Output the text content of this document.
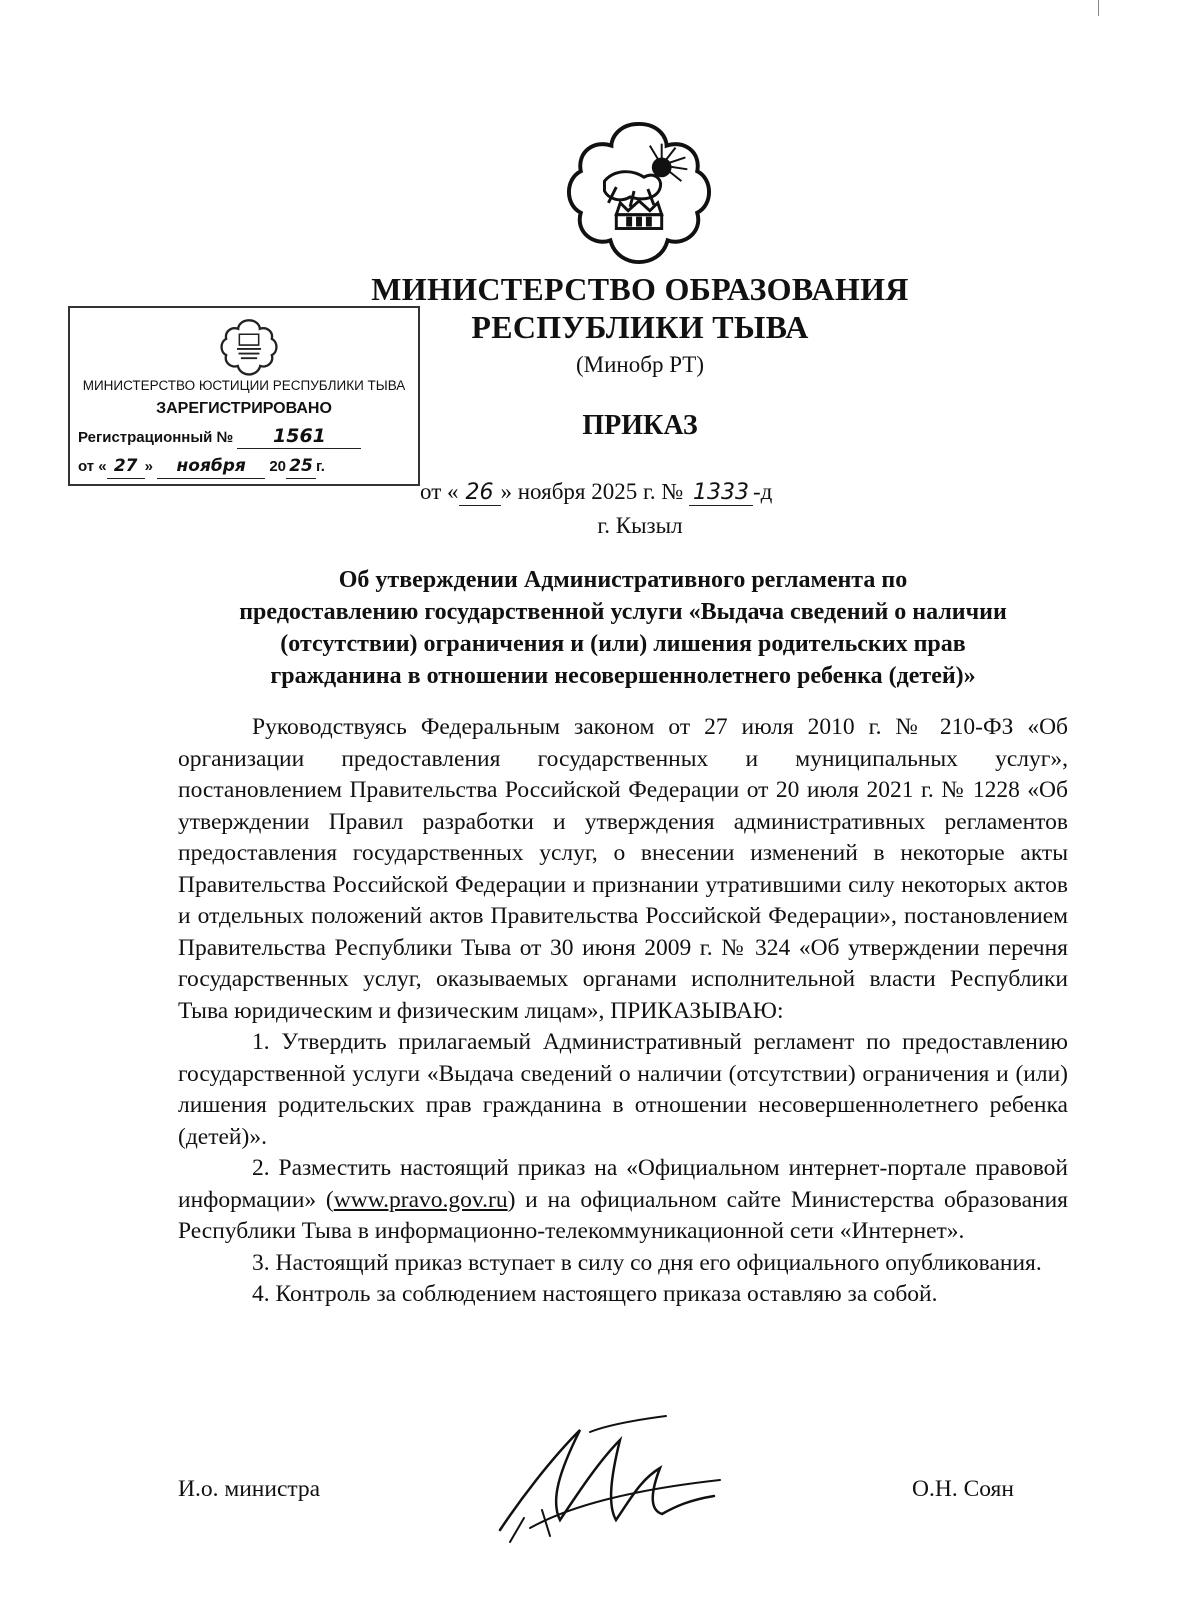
МИНИСТЕРСТВО ОБРАЗОВАНИЯ
РЕСПУБЛИКИ ТЫВА
(Минобр РТ)
ПРИКАЗ
от « 26 » ноября 2025 г. № 1333 -д
г. Кызыл
МИНИСТЕРСТВО ЮСТИЦИИ РЕСПУБЛИКИ ТЫВА
ЗАРЕГИСТРИРОВАНО
Регистрационный № 1561
от « 27 » ноября 20 25 г.
Об утверждении Административного регламента по
предоставлению государственной услуги «Выдача сведений о наличии
(отсутствии) ограничения и (или) лишения родительских прав
гражданина в отношении несовершеннолетнего ребенка (детей)»

Руководствуясь Федеральным законом от 27 июля 2010 г. № 210-ФЗ «Об организации предоставления государственных и муниципальных услуг», постановлением Правительства Российской Федерации от 20 июля 2021 г. № 1228 «Об утверждении Правил разработки и утверждения административных регламентов предоставления государственных услуг, о внесении изменений в некоторые акты Правительства Российской Федерации и признании утратившими силу некоторых актов и отдельных положений актов Правительства Российской Федерации», постановлением Правительства Республики Тыва от 30 июня 2009 г. № 324 «Об утверждении перечня государственных услуг, оказываемых органами исполнительной власти Республики Тыва юридическим и физическим лицам», ПРИКАЗЫВАЮ:

1. Утвердить прилагаемый Административный регламент по предоставлению государственной услуги «Выдача сведений о наличии (отсутствии) ограничения и (или) лишения родительских прав гражданина в отношении несовершеннолетнего ребенка (детей)».

2. Разместить настоящий приказ на «Официальном интернет-портале правовой информации» (www.pravo.gov.ru) и на официальном сайте Министерства образования Республики Тыва в информационно-телекоммуникационной сети «Интернет».

3. Настоящий приказ вступает в силу со дня его официального опубликования.

4. Контроль за соблюдением настоящего приказа оставляю за собой.

И.о. министра	О.Н. Соян
